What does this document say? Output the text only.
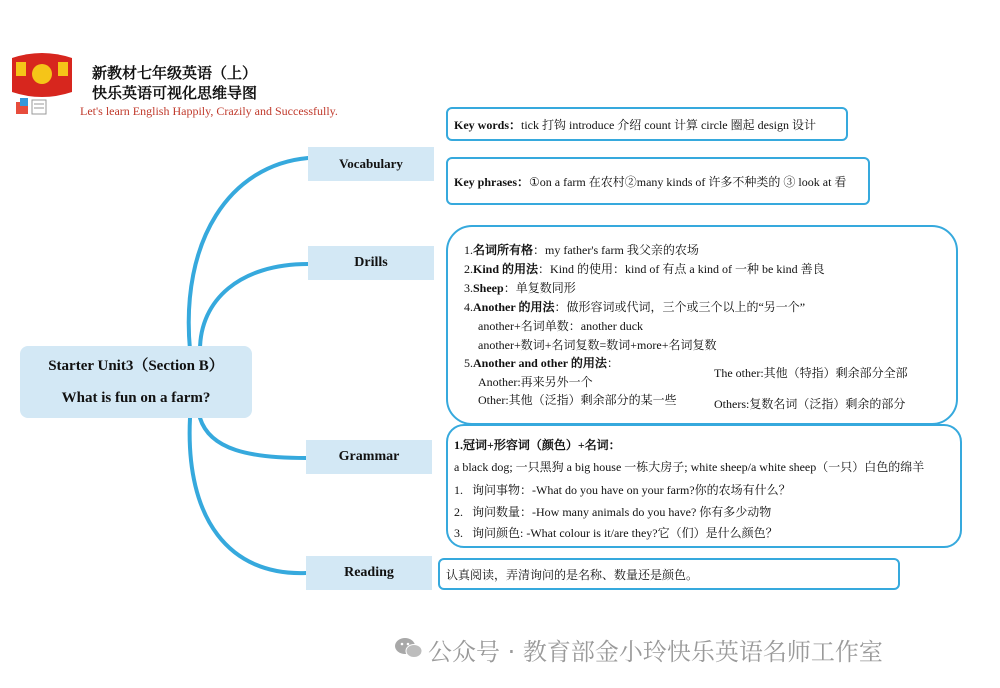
新教材七年级英语（上）
快乐英语可视化思维导图
Let's learn English Happily, Crazily and Successfully.
Starter Unit3（Section B）
What is fun on a farm?
Vocabulary
Drills
Grammar
Reading
Key words： tick 打钩 introduce 介绍 count 计算 circle 圈起 design 设计
Key phrases： ①on a farm 在农村②many kinds of 许多不种类的 ③ look at 看
1.名词所有格：my father's farm 我父亲的农场
2.Kind 的用法：Kind 的使用：kind of 有点 a kind of 一种 be kind 善良
3.Sheep：单复数同形
4.Another 的用法：做形容词或代词，三个或三个以上的“另一个”
another+名词单数：another duck
another+数词+名词复数=数词+more+名词复数
5.Another and other 的用法：
Another:再来另外一个
Other:其他（泛指）剩余部分的某一些
The other:其他（特指）剩余部分全部
Others:复数名词（泛指）剩余的部分
1.冠词+形容词（颜色）+名词：
a black dog; 一只黑狗 a big house 一栋大房子; white sheep/a white sheep（一只）白色的绵羊
1. 询问事物：-What do you have on your farm?你的农场有什么？
2. 询问数量：-How many animals do you have? 你有多少动物
3. 询问颜色: -What colour is it/are they?它（们）是什么颜色？
认真阅读，弄清询问的是名称、数量还是颜色。
公众号 · 教育部金小玲快乐英语名师工作室
